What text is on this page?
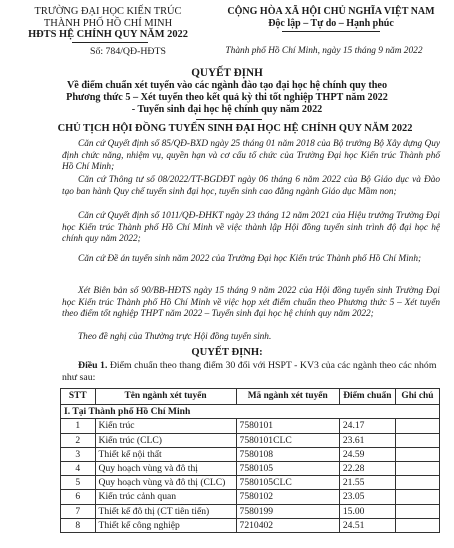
TRƯỜNG ĐẠI HỌC KIẾN TRÚC
THÀNH PHỐ HỒ CHÍ MINH
HĐTS HỆ CHÍNH QUY NĂM 2022
CỘNG HÒA XÃ HỘI CHỦ NGHĨA VIỆT NAM
Độc lập – Tự do – Hạnh phúc
Số: 784/QĐ-HĐTS	Thành phố Hồ Chí Minh, ngày 15 tháng 9 năm 2022
QUYẾT ĐỊNH
Về điểm chuẩn xét tuyển vào các ngành đào tạo đại học hệ chính quy theo
Phương thức 5 – Xét tuyển theo kết quả kỳ thi tốt nghiệp THPT năm 2022
- Tuyển sinh đại học hệ chính quy năm 2022
CHỦ TỊCH HỘI ĐỒNG TUYỂN SINH ĐẠI HỌC HỆ CHÍNH QUY NĂM 2022
Căn cứ Quyết định số 85/QĐ-BXD ngày 25 tháng 01 năm 2018 của Bộ trưởng Bộ Xây dựng Quy định chức năng, nhiệm vụ, quyền hạn và cơ cấu tổ chức của Trường Đại học Kiến trúc Thành phố Hồ Chí Minh;
Căn cứ Thông tư số 08/2022/TT-BGDĐT ngày 06 tháng 6 năm 2022 của Bộ Giáo dục và Đào tạo ban hành Quy chế tuyển sinh đại học, tuyển sinh cao đẳng ngành Giáo dục Mầm non;
Căn cứ Quyết định số 1011/QĐ-ĐHKT ngày 23 tháng 12 năm 2021 của Hiệu trưởng Trường Đại học Kiến trúc Thành phố Hồ Chí Minh về việc thành lập Hội đồng tuyển sinh trình độ đại học hệ chính quy năm 2022;
Căn cứ Đề án tuyển sinh năm 2022 của Trường Đại học Kiến trúc Thành phố Hồ Chí Minh;
Xét Biên bản số 90/BB-HĐTS ngày 15 tháng 9 năm 2022 của Hội đồng tuyển sinh Trường Đại học Kiến trúc Thành phố Hồ Chí Minh về việc họp xét điểm chuẩn theo Phương thức 5 – Xét tuyển theo điểm tốt nghiệp THPT năm 2022 – Tuyển sinh đại học hệ chính quy năm 2022;
Theo đề nghị của Thường trực Hội đồng tuyển sinh.
QUYẾT ĐỊNH:
Điều 1. Điểm chuẩn theo thang điểm 30 đối với HSPT - KV3 của các ngành theo các nhóm như sau:
STT	Tên ngành xét tuyển	Mã ngành xét tuyển	Điểm chuẩn	Ghi chú
I. Tại Thành phố Hồ Chí Minh				
1	Kiến trúc	7580101	24.17	
2	Kiến trúc (CLC)	7580101CLC	23.61	
3	Thiết kế nội thất	7580108	24.59	
4	Quy hoạch vùng và đô thị	7580105	22.28	
5	Quy hoạch vùng và đô thị (CLC)	7580105CLC	21.55	
6	Kiến trúc cảnh quan	7580102	23.05	
7	Thiết kế đô thị (CT tiên tiến)	7580199	15.00	
8	Thiết kế công nghiệp	7210402	24.51	
